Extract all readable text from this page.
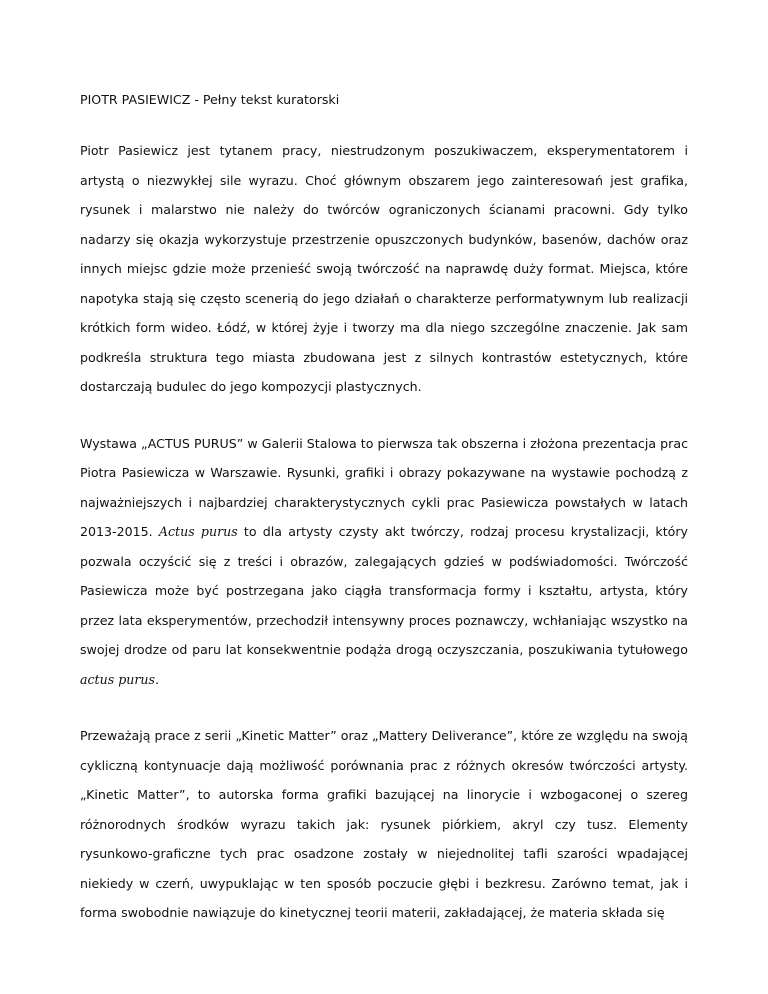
PIOTR PASIEWICZ - Pełny tekst kuratorski

Piotr Pasiewicz jest tytanem pracy, niestrudzonym poszukiwaczem, eksperymentatorem i artystą o niezwykłej sile wyrazu. Choć głównym obszarem jego zainteresowań jest grafika, rysunek i malarstwo nie należy do twórców ograniczonych ścianami pracowni. Gdy tylko nadarzy się okazja wykorzystuje przestrzenie opuszczonych budynków, basenów, dachów oraz innych miejsc gdzie może przenieść swoją twórczość na naprawdę duży format. Miejsca, które napotyka stają się często scenerią do jego działań o charakterze performatywnym lub realizacji krótkich form wideo. Łódź, w której żyje i tworzy ma dla niego szczególne znaczenie. Jak sam podkreśla struktura tego miasta zbudowana jest z silnych kontrastów estetycznych, które dostarczają budulec do jego kompozycji plastycznych.

Wystawa „ACTUS PURUS” w Galerii Stalowa to pierwsza tak obszerna i złożona prezentacja prac Piotra Pasiewicza w Warszawie. Rysunki, grafiki i obrazy pokazywane na wystawie pochodzą z najważniejszych i najbardziej charakterystycznych cykli prac Pasiewicza powstałych w latach 2013-2015. Actus purus to dla artysty czysty akt twórczy, rodzaj procesu krystalizacji, który pozwala oczyścić się z treści i obrazów, zalegających gdzieś w podświadomości. Twórczość Pasiewicza może być postrzegana jako ciągła transformacja formy i kształtu, artysta, który przez lata eksperymentów, przechodził intensywny proces poznawczy, wchłaniając wszystko na swojej drodze od paru lat konsekwentnie podąża drogą oczyszczania, poszukiwania tytułowego actus purus.

Przeważają prace z serii „Kinetic Matter” oraz „Mattery Deliverance”, które ze względu na swoją cykliczną kontynuacje dają możliwość porównania prac z różnych okresów twórczości artysty. „Kinetic Matter”, to autorska forma grafiki bazującej na linorycie i wzbogaconej o szereg różnorodnych środków wyrazu takich jak: rysunek piórkiem, akryl czy tusz. Elementy rysunkowo-graficzne tych prac osadzone zostały w niejednolitej tafli szarości wpadającej niekiedy w czerń, uwypuklając w ten sposób poczucie głębi i bezkresu. Zarówno temat, jak i forma swobodnie nawiązuje do kinetycznej teorii materii, zakładającej, że materia składa się
